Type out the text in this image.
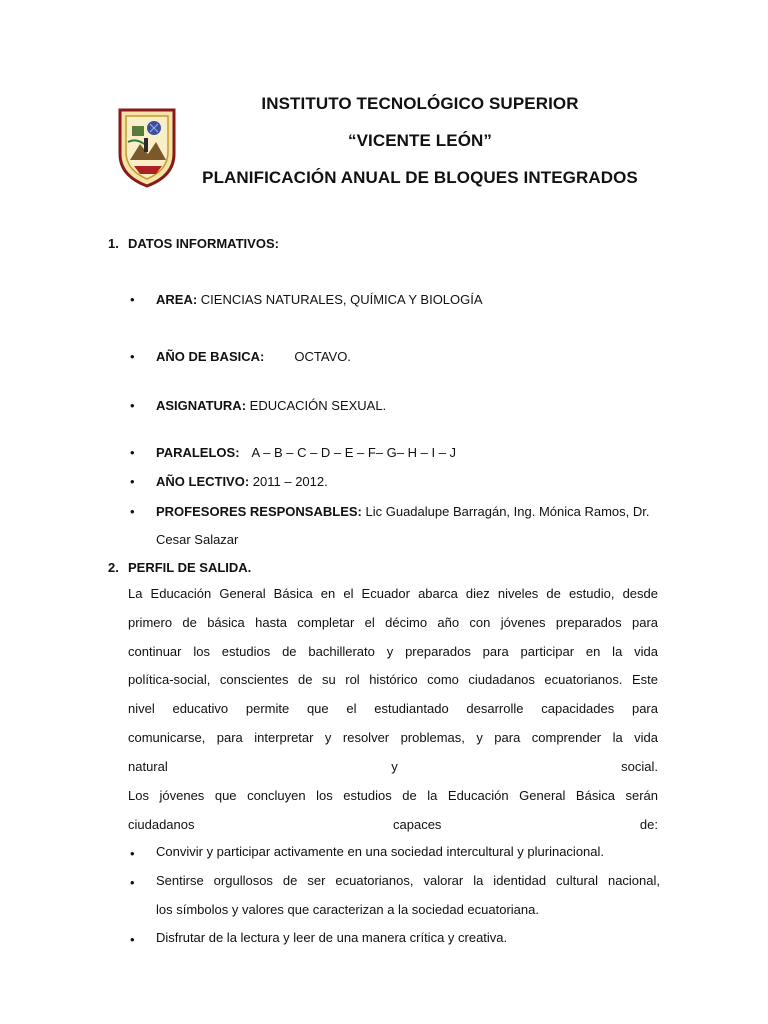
INSTITUTO TECNOLÓGICO SUPERIOR
“VICENTE LEÓN”
PLANIFICACIÓN ANUAL DE BLOQUES INTEGRADOS
1. DATOS INFORMATIVOS:
• AREA: CIENCIAS NATURALES, QUÍMICA Y BIOLOGÍA
• AÑO DE BASICA: OCTAVO.
• ASIGNATURA: EDUCACIÓN SEXUAL.
• PARALELOS: A – B – C – D – E – F– G– H – I – J
• AÑO LECTIVO: 2011 – 2012.
• PROFESORES RESPONSABLES: Lic Guadalupe Barragán, Ing. Mónica Ramos, Dr.
Cesar Salazar
2. PERFIL DE SALIDA.
La Educación General Básica en el Ecuador abarca diez niveles de estudio, desde
primero de básica hasta completar el décimo año con jóvenes preparados para
continuar los estudios de bachillerato y preparados para participar en la vida
política-social, conscientes de su rol histórico como ciudadanos ecuatorianos. Este
nivel educativo permite que el estudiantado desarrolle capacidades para
comunicarse, para interpretar y resolver problemas, y para comprender la vida
natural y social.
Los jóvenes que concluyen los estudios de la Educación General Básica serán
ciudadanos capaces de:
• Convivir y participar activamente en una sociedad intercultural y plurinacional.
• Sentirse orgullosos de ser ecuatorianos, valorar la identidad cultural nacional,
los símbolos y valores que caracterizan a la sociedad ecuatoriana.
• Disfrutar de la lectura y leer de una manera crítica y creativa.
